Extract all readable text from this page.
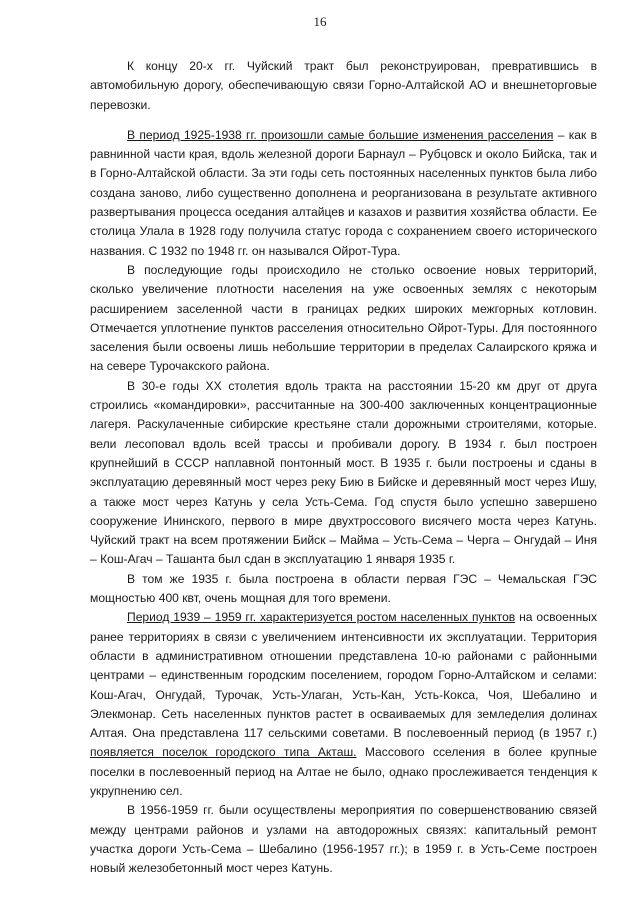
16

К концу 20-х гг. Чуйский тракт был реконструирован, превратившись в автомобильную дорогу, обеспечивающую связи Горно-Алтайской АО и внешнеторговые перевозки.

В период 1925-1938 гг. произошли самые большие изменения расселения – как в равнинной части края, вдоль железной дороги Барнаул – Рубцовск и около Бийска, так и в Горно-Алтайской области. За эти годы сеть постоянных населенных пунктов была либо создана заново, либо существенно дополнена и реорганизована в результате активного развертывания процесса оседания алтайцев и казахов и развития хозяйства области. Ее столица Улала в 1928 году получила статус города с сохранением своего исторического названия. С 1932 по 1948 гг. он назывался Ойрот-Тура.

В последующие годы происходило не столько освоение новых территорий, сколько увеличение плотности населения на уже освоенных землях с некоторым расширением заселенной части в границах редких широких межгорных котловин. Отмечается уплотнение пунктов расселения относительно Ойрот-Туры. Для постоянного заселения были освоены лишь небольшие территории в пределах Салаирского кряжа и на севере Турочакского района.

В 30-е годы XX столетия вдоль тракта на расстоянии 15-20 км друг от друга строились «командировки», рассчитанные на 300-400 заключенных концентрационные лагеря. Раскулаченные сибирские крестьяне стали дорожными строителями, которые. вели лесоповал вдоль всей трассы и пробивали дорогу. В 1934 г. был построен крупнейший в СССР наплавной понтонный мост. В 1935 г. были построены и сданы в эксплуатацию деревянный мост через реку Бию в Бийске и деревянный мост через Ишу, а также мост через Катунь у села Усть-Сема. Год спустя было успешно завершено сооружение Ининского, первого в мире двухтроссового висячего моста через Катунь. Чуйский тракт на всем протяжении Бийск – Майма – Усть-Сема – Черга – Онгудай – Иня – Кош-Агач – Ташанта был сдан в эксплуатацию 1 января 1935 г.

В том же 1935 г. была построена в области первая ГЭС – Чемальская ГЭС мощностью 400 квт, очень мощная для того времени.

Период 1939 – 1959 гг. характеризуется ростом населенных пунктов на освоенных ранее территориях в связи с увеличением интенсивности их эксплуатации. Территория области в административном отношении представлена 10-ю районами с районными центрами – единственным городским поселением, городом Горно-Алтайском и селами: Кош-Агач, Онгудай, Турочак, Усть-Улаган, Усть-Кан, Усть-Кокса, Чоя, Шебалино и Элекмонар. Сеть населенных пунктов растет в осваиваемых для земледелия долинах Алтая. Она представлена 117 сельскими советами. В послевоенный период (в 1957 г.) появляется поселок городского типа Акташ. Массового сселения в более крупные поселки в послевоенный период на Алтае не было, однако прослеживается тенденция к укрупнению сел.

В 1956-1959 гг. были осуществлены мероприятия по совершенствованию связей между центрами районов и узлами на автодорожных связях: капитальный ремонт участка дороги Усть-Сема – Шебалино (1956-1957 гг.); в 1959 г. в Усть-Семе построен новый железобетонный мост через Катунь.
